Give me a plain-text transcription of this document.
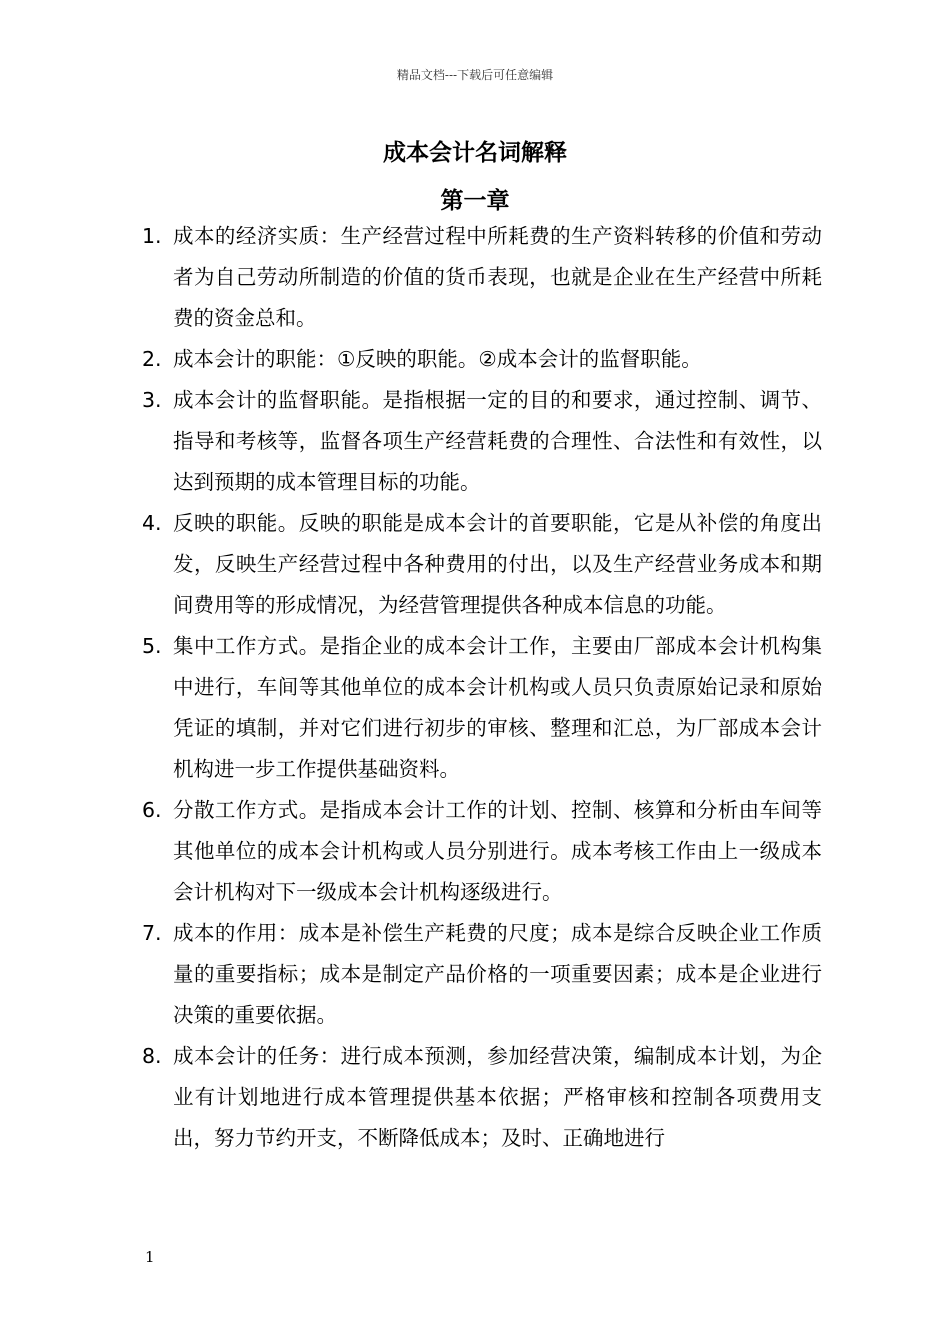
精品文档---下载后可任意编辑
成本会计名词解释
第一章
1. 成本的经济实质：生产经营过程中所耗费的生产资料转移的价值和劳动者为自己劳动所制造的价值的货币表现，也就是企业在生产经营中所耗费的资金总和。
2. 成本会计的职能：①反映的职能。②成本会计的监督职能。
3. 成本会计的监督职能。是指根据一定的目的和要求，通过控制、调节、指导和考核等，监督各项生产经营耗费的合理性、合法性和有效性，以达到预期的成本管理目标的功能。
4. 反映的职能。反映的职能是成本会计的首要职能，它是从补偿的角度出发，反映生产经营过程中各种费用的付出，以及生产经营业务成本和期间费用等的形成情况，为经营管理提供各种成本信息的功能。
5. 集中工作方式。是指企业的成本会计工作，主要由厂部成本会计机构集中进行，车间等其他单位的成本会计机构或人员只负责原始记录和原始凭证的填制，并对它们进行初步的审核、整理和汇总，为厂部成本会计机构进一步工作提供基础资料。
6. 分散工作方式。是指成本会计工作的计划、控制、核算和分析由车间等其他单位的成本会计机构或人员分别进行。成本考核工作由上一级成本会计机构对下一级成本会计机构逐级进行。
7. 成本的作用：成本是补偿生产耗费的尺度；成本是综合反映企业工作质量的重要指标；成本是制定产品价格的一项重要因素；成本是企业进行决策的重要依据。
8. 成本会计的任务：进行成本预测，参加经营决策，编制成本计划，为企业有计划地进行成本管理提供基本依据；严格审核和控制各项费用支出，努力节约开支，不断降低成本；及时、正确地进行
1
